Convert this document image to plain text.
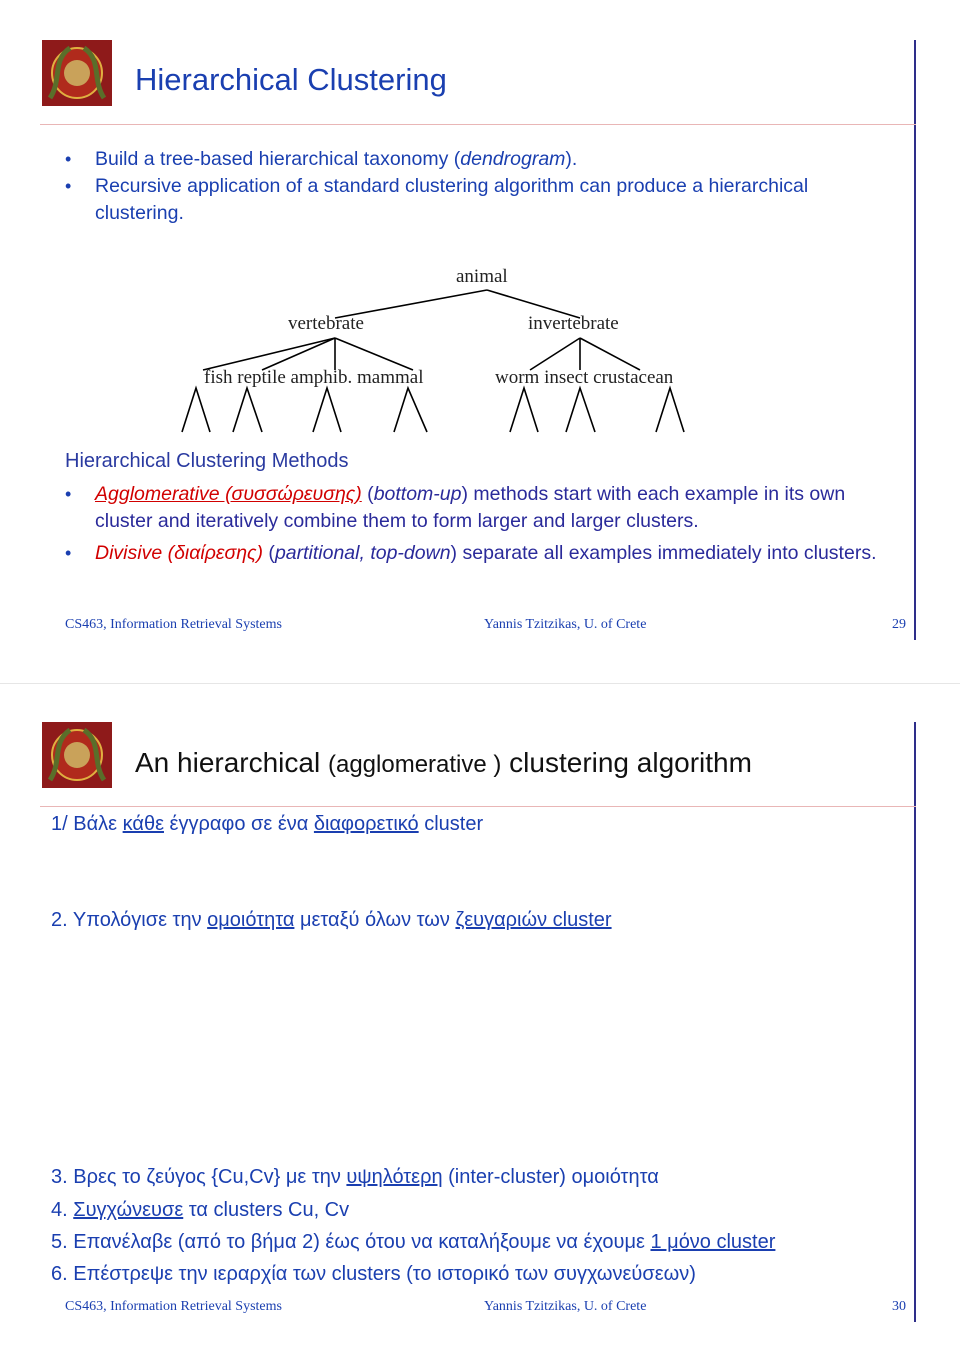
Hierarchical Clustering
• Build a tree-based hierarchical taxonomy (dendrogram).
• Recursive application of a standard clustering algorithm can produce a hierarchical clustering.
animal
vertebrate	invertebrate
fish reptile amphib. mammal	worm insect crustacean
Hierarchical Clustering Methods
• Agglomerative (συσσώρευσης) (bottom-up) methods start with each example in its own cluster and iteratively combine them to form larger and larger clusters.
• Divisive (διαίρεσης) (partitional, top-down) separate all examples immediately into clusters.
CS463, Information Retrieval Systems	Yannis Tzitzikas, U. of Crete	29
An hierarchical (agglomerative ) clustering algorithm
1/ Βάλε κάθε έγγραφο σε ένα διαφορετικό cluster
2. Υπολόγισε την ομοιότητα μεταξύ όλων των ζευγαριών cluster
3. Βρες το ζεύγος {Cu,Cv} με την υψηλότερη (inter-cluster) ομοιότητα
4. Συγχώνευσε τα clusters Cu, Cv
5. Επανέλαβε (από το βήμα 2) έως ότου να καταλήξουμε να έχουμε 1 μόνο cluster
6. Επέστρεψε την ιεραρχία των clusters (το ιστορικό των συγχωνεύσεων)
CS463, Information Retrieval Systems	Yannis Tzitzikas, U. of Crete	30
